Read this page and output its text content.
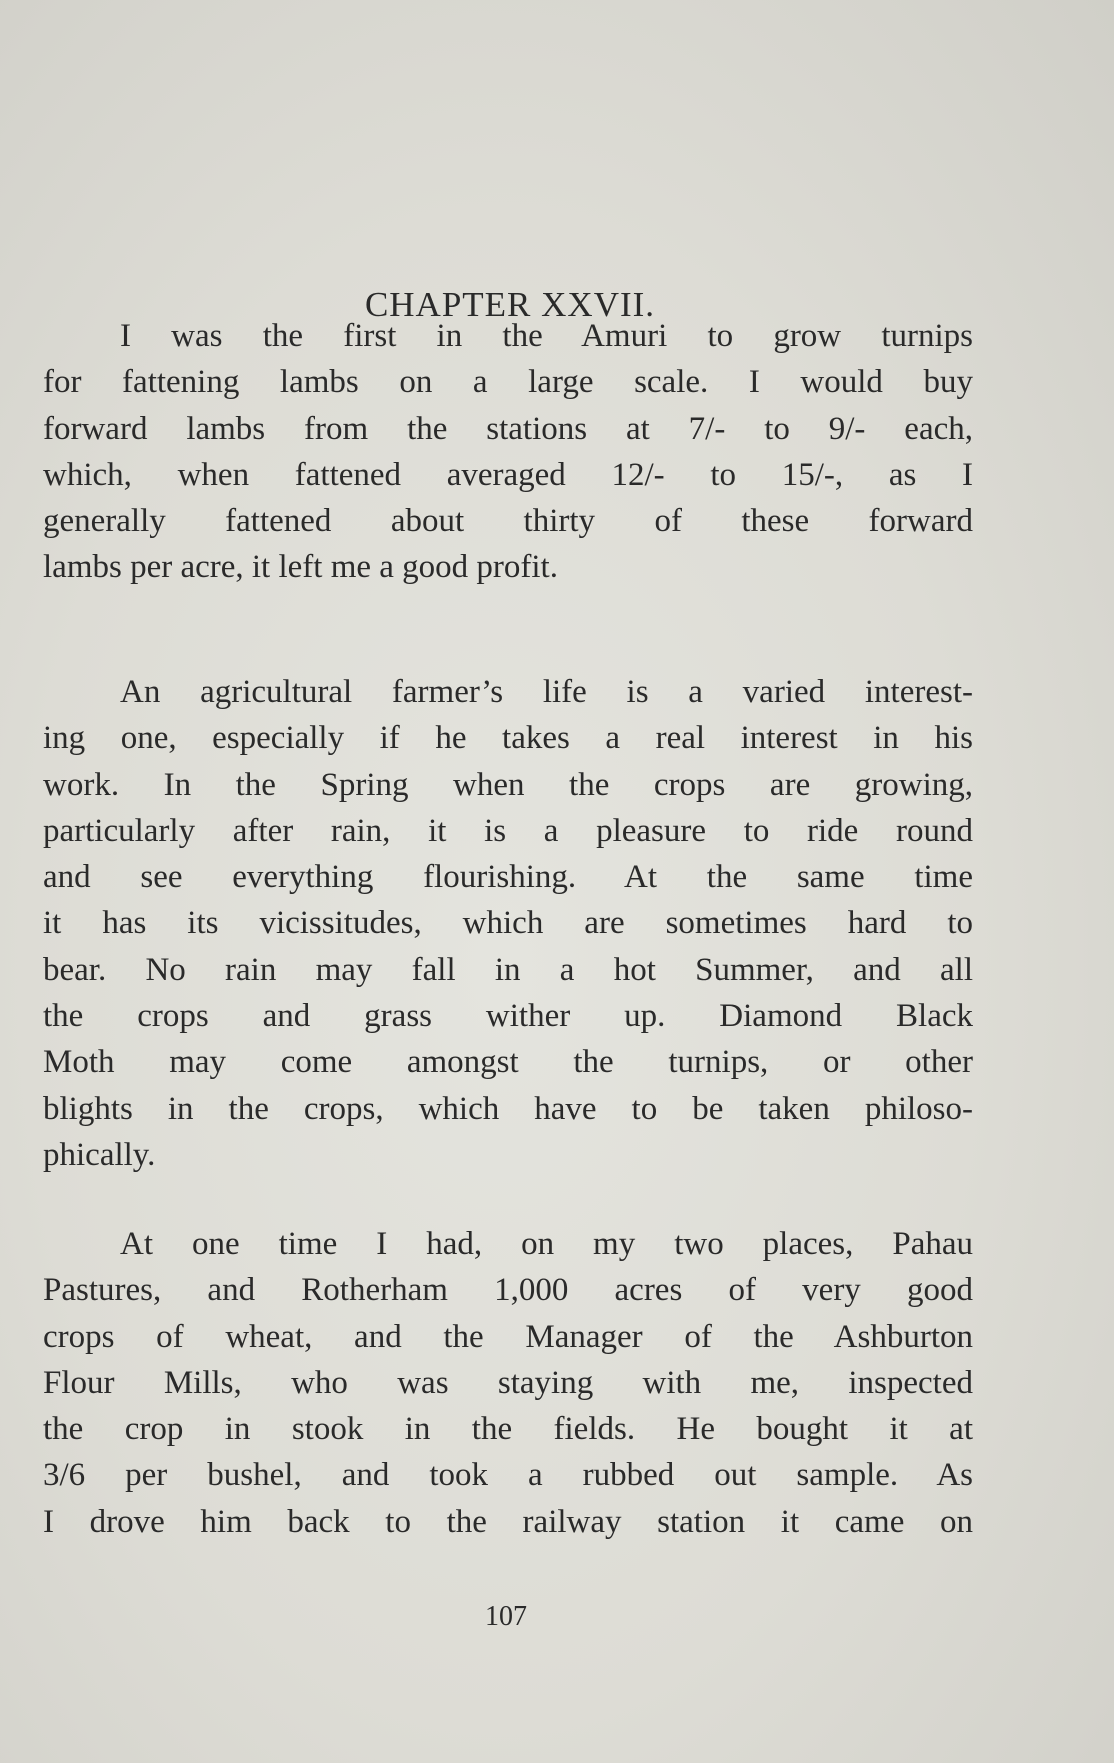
CHAPTER XXVII.
I was the first in the Amuri to grow turnips
for fattening lambs on a large scale. I would buy
forward lambs from the stations at 7/- to 9/- each,
which, when fattened averaged 12/- to 15/-, as I
generally fattened about thirty of these forward
lambs per acre, it left me a good profit.
An agricultural farmer’s life is a varied interest-
ing one, especially if he takes a real interest in his
work. In the Spring when the crops are growing,
particularly after rain, it is a pleasure to ride round
and see everything flourishing. At the same time
it has its vicissitudes, which are sometimes hard to
bear. No rain may fall in a hot Summer, and all
the crops and grass wither up. Diamond Black
Moth may come amongst the turnips, or other
blights in the crops, which have to be taken philoso-
phically.
At one time I had, on my two places, Pahau
Pastures, and Rotherham 1,000 acres of very good
crops of wheat, and the Manager of the Ashburton
Flour Mills, who was staying with me, inspected
the crop in stook in the fields. He bought it at
3/6 per bushel, and took a rubbed out sample. As
I drove him back to the railway station it came on
107
